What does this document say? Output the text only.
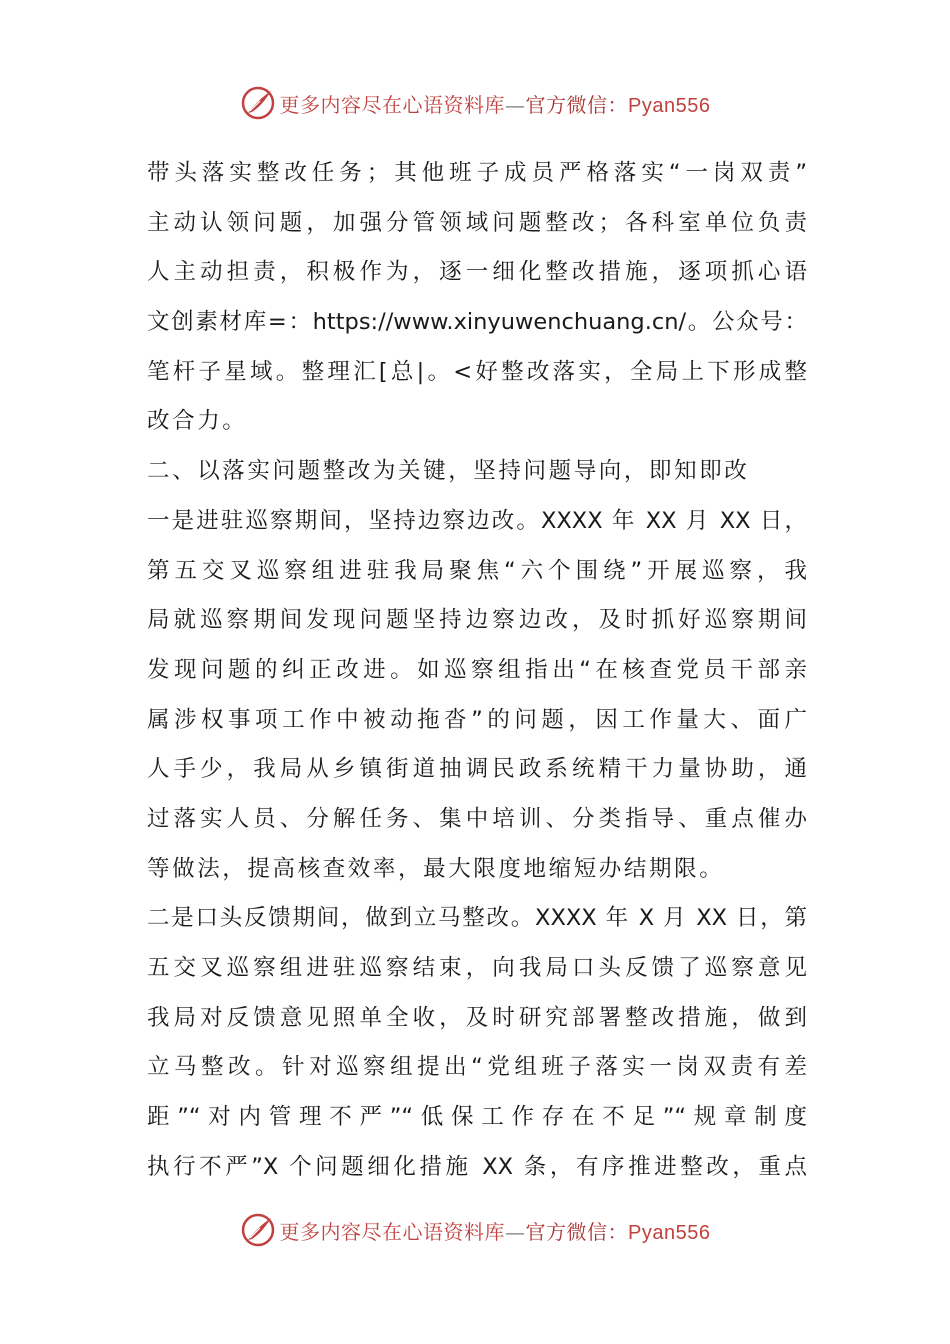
更多内容尽在心语资料库—官方微信：Pyan556
带头落实整改任务；其他班子成员严格落实“一岗双责”
主动认领问题，加强分管领域问题整改；各科室单位负责
人主动担责，积极作为，逐一细化整改措施，逐项抓心语
文创素材库=：https://www.xinyuwenchuang.cn/。公众号：
笔杆子星域。整理汇[总|。<好整改落实，全局上下形成整
改合力。
二、以落实问题整改为关键，坚持问题导向，即知即改
一是进驻巡察期间，坚持边察边改。XXXX 年 XX 月 XX 日，
第五交叉巡察组进驻我局聚焦“六个围绕”开展巡察，我
局就巡察期间发现问题坚持边察边改，及时抓好巡察期间
发现问题的纠正改进。如巡察组指出“在核查党员干部亲
属涉权事项工作中被动拖沓”的问题，因工作量大、面广
人手少，我局从乡镇街道抽调民政系统精干力量协助，通
过落实人员、分解任务、集中培训、分类指导、重点催办
等做法，提高核查效率，最大限度地缩短办结期限。
二是口头反馈期间，做到立马整改。XXXX 年 X 月 XX 日，第
五交叉巡察组进驻巡察结束，向我局口头反馈了巡察意见
我局对反馈意见照单全收，及时研究部署整改措施，做到
立马整改。针对巡察组提出“党组班子落实一岗双责有差
距”“对内管理不严”“低保工作存在不足”“规章制度
执行不严”X 个问题细化措施 XX 条，有序推进整改，重点
更多内容尽在心语资料库—官方微信：Pyan556
